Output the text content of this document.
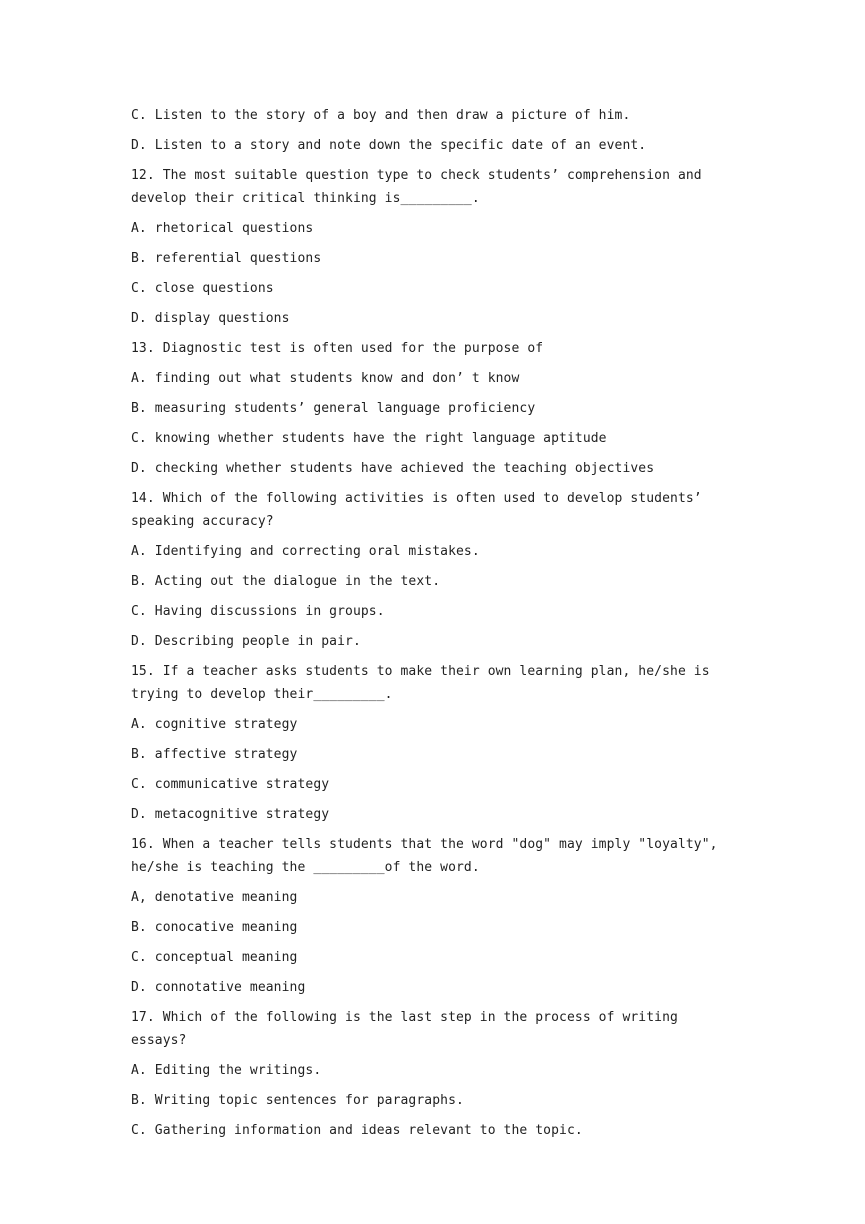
C. Listen to the story of a boy and then draw a picture of him.

D. Listen to a story and note down the specific date of an event.

12. The most suitable question type to check students’ comprehension and develop their critical thinking is_________.

A. rhetorical questions

B. referential questions

C. close questions

D. display questions

13. Diagnostic test is often used for the purpose of

A. finding out what students know and don’ t know

B. measuring students’ general language proficiency

C. knowing whether students have the right language aptitude

D. checking whether students have achieved the teaching objectives

14. Which of the following activities is often used to develop students’ speaking accuracy?

A. Identifying and correcting oral mistakes.

B. Acting out the dialogue in the text.

C. Having discussions in groups.

D. Describing people in pair.

15. If a teacher asks students to make their own learning plan, he/she is trying to develop their_________.

A. cognitive strategy

B. affective strategy

C. communicative strategy

D. metacognitive strategy

16. When a teacher tells students that the word "dog" may imply "loyalty", he/she is teaching the _________of the word.

A, denotative meaning

B. conocative meaning

C. conceptual meaning

D. connotative meaning

17. Which of the following is the last step in the process of writing essays?

A. Editing the writings.

B. Writing topic sentences for paragraphs.

C. Gathering information and ideas relevant to the topic.
